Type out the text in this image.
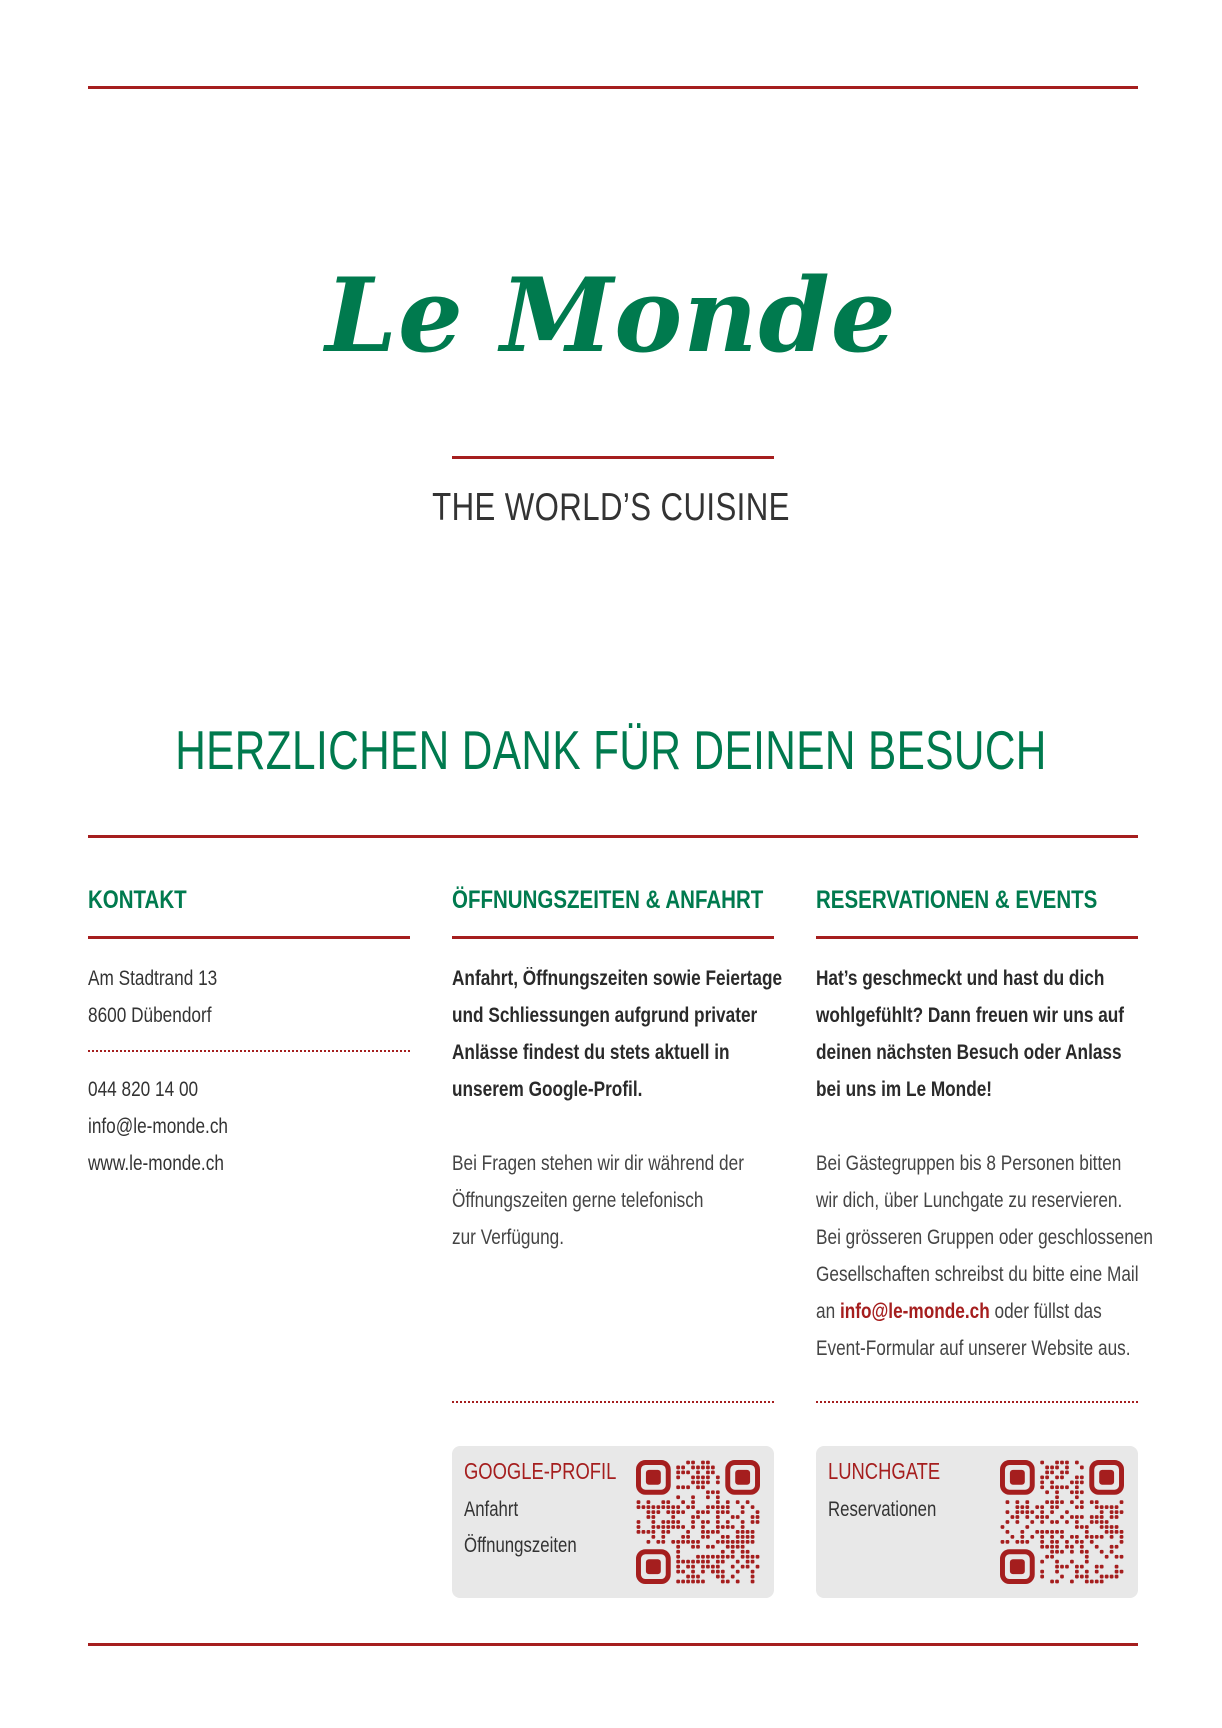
Le Monde
THE WORLD’S CUISINE
HERZLICHEN DANK FÜR DEINEN BESUCH
KONTAKT
Am Stadtrand 13
8600 Dübendorf
044 820 14 00
info@le-monde.ch
www.le-monde.ch
ÖFFNUNGSZEITEN & ANFAHRT
Anfahrt, Öffnungszeiten sowie Feiertage
und Schliessungen aufgrund privater
Anlässe findest du stets aktuell in
unserem Google-Profil.
Bei Fragen stehen wir dir während der
Öffnungszeiten gerne telefonisch
zur Verfügung.
RESERVATIONEN & EVENTS
Hat’s geschmeckt und hast du dich
wohlgefühlt? Dann freuen wir uns auf
deinen nächsten Besuch oder Anlass
bei uns im Le Monde!
Bei Gästegruppen bis 8 Personen bitten
wir dich, über Lunchgate zu reservieren.
Bei grösseren Gruppen oder geschlossenen
Gesellschaften schreibst du bitte eine Mail
an info@le-monde.ch oder füllst das
Event-Formular auf unserer Website aus.
GOOGLE-PROFIL
Anfahrt
Öffnungszeiten
LUNCHGATE
Reservationen
